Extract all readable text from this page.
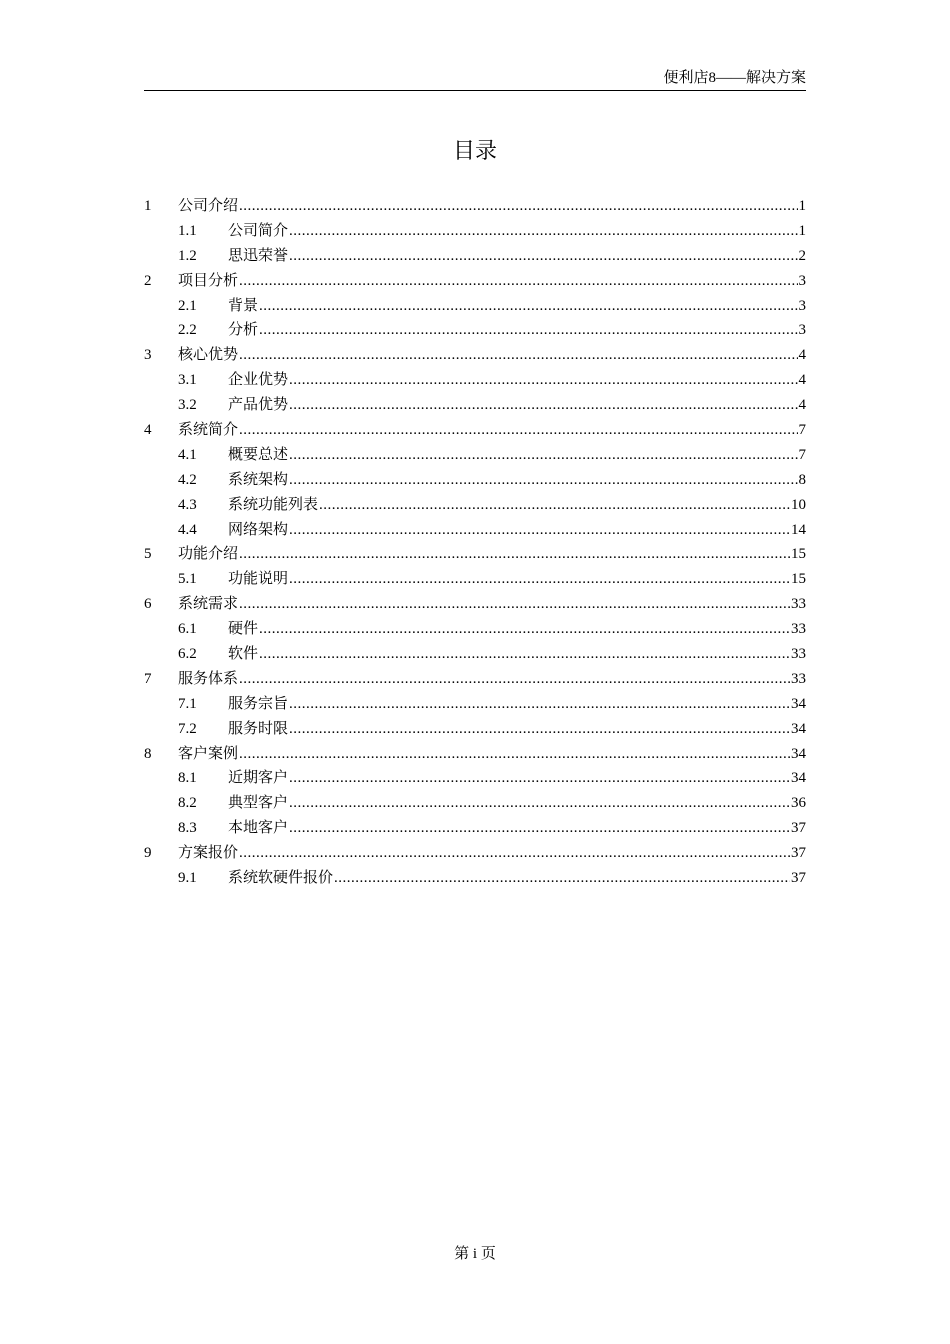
便利店8——解决方案
目录
1	公司介绍 .....	1
1.1	公司简介 .....	1
1.2	思迅荣誉 .....	2
2	项目分析 .....	3
2.1	背景 .....	3
2.2	分析 .....	3
3	核心优势 .....	4
3.1	企业优势 .....	4
3.2	产品优势 .....	4
4	系统简介 .....	7
4.1	概要总述 .....	7
4.2	系统架构 .....	8
4.3	系统功能列表 .....	10
4.4	网络架构 .....	14
5	功能介绍 .....	15
5.1	功能说明 .....	15
6	系统需求 .....	33
6.1	硬件 .....	33
6.2	软件 .....	33
7	服务体系 .....	33
7.1	服务宗旨 .....	34
7.2	服务时限 .....	34
8	客户案例 .....	34
8.1	近期客户 .....	34
8.2	典型客户 .....	36
8.3	本地客户 .....	37
9	方案报价 .....	37
9.1	系统软硬件报价 .....	37
第 i 页
